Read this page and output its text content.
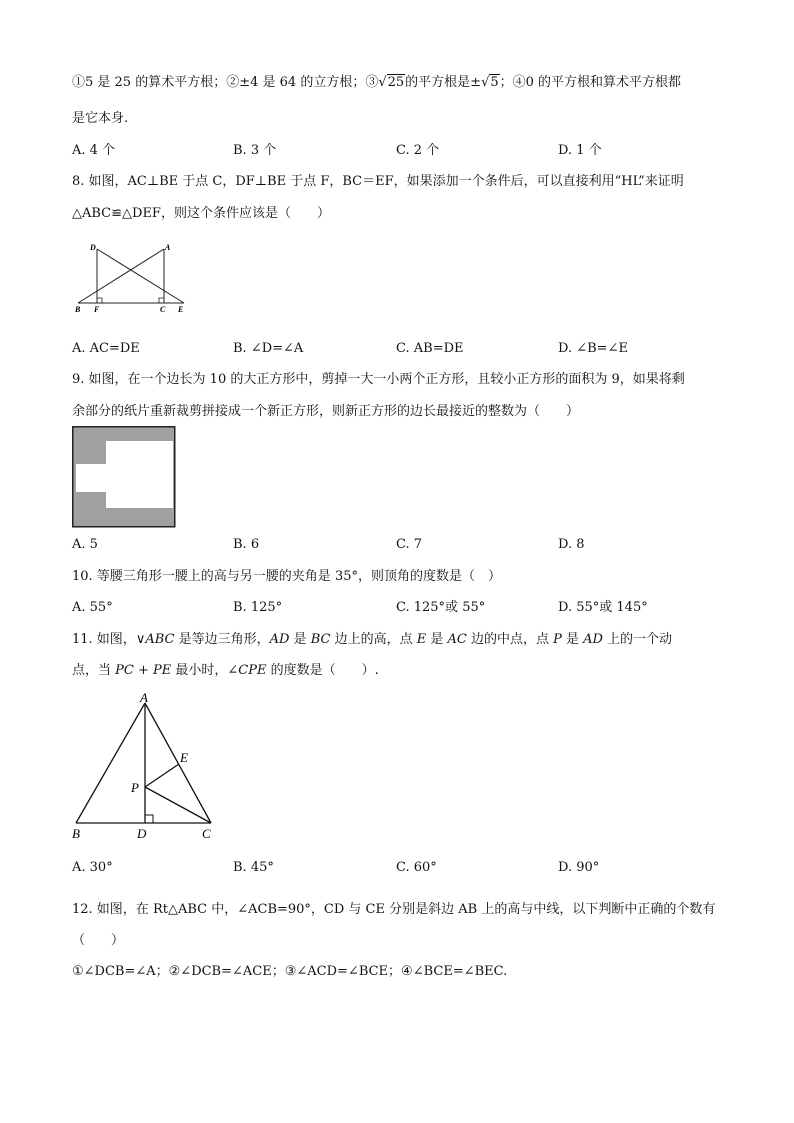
①5 是 25 的算术平方根；②±4 是 64 的立方根；③√25的平方根是±√5；④0 的平方根和算术平方根都
是它本身.
A. 4 个	B. 3 个	C. 2 个	D. 1 个
8. 如图，AC⊥BE 于点 C，DF⊥BE 于点 F，BC＝EF，如果添加一个条件后，可以直接利用“HL”来证明
△ABC≌△DEF，则这个条件应该是（　　）
D	A
B F	C E
A. AC=DE	B. ∠D=∠A	C. AB=DE	D. ∠B=∠E
9. 如图，在一个边长为 10 的大正方形中，剪掉一大一小两个正方形，且较小正方形的面积为 9，如果将剩
余部分的纸片重新裁剪拼接成一个新正方形，则新正方形的边长最接近的整数为（　　）
A. 5	B. 6	C. 7	D. 8
10. 等腰三角形一腰上的高与另一腰的夹角是 35°，则顶角的度数是（　）
A. 55°	B. 125°	C. 125°或 55°	D. 55°或 145°
11. 如图，∨ABC 是等边三角形，AD 是 BC 边上的高，点 E 是 AC 边的中点，点 P 是 AD 上的一个动
点，当 PC + PE 最小时，∠CPE 的度数是（　　）.
A
E
P
B	D	C
A. 30°	B. 45°	C. 60°	D. 90°
12. 如图，在 Rt△ABC 中，∠ACB=90°，CD 与 CE 分别是斜边 AB 上的高与中线，以下判断中正确的个数有
（　　）
①∠DCB=∠A；②∠DCB=∠ACE；③∠ACD=∠BCE；④∠BCE=∠BEC.
